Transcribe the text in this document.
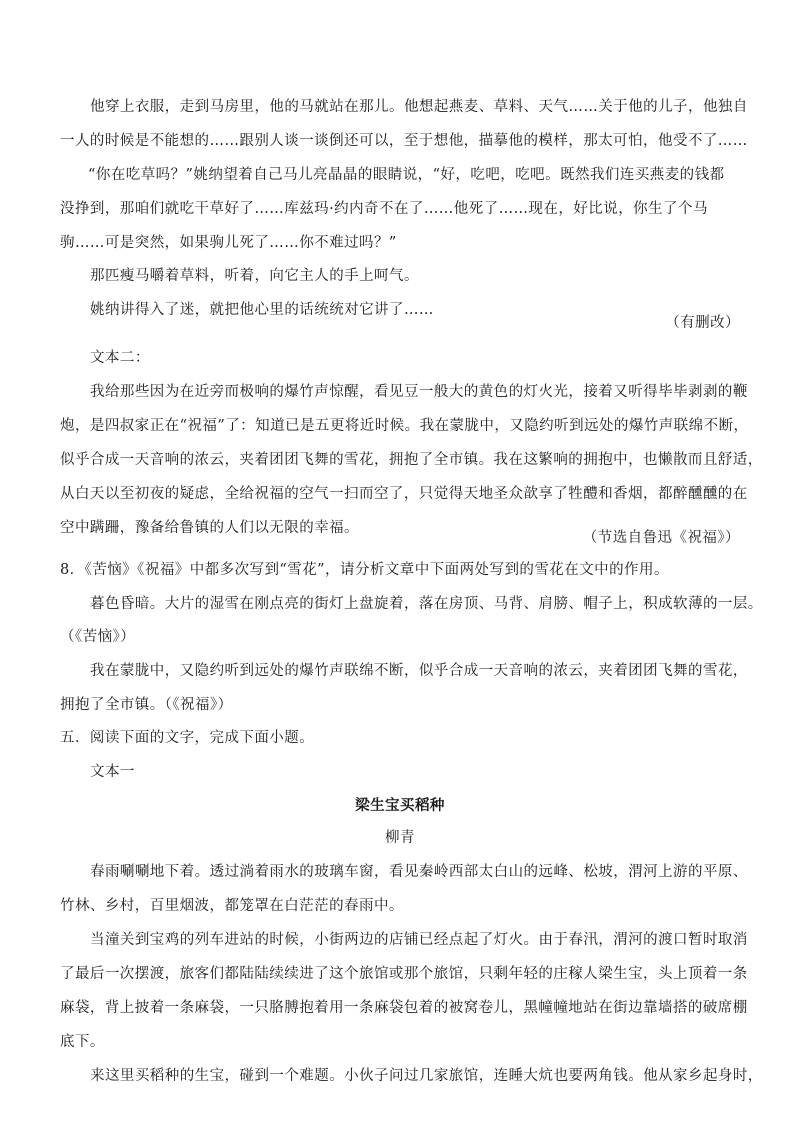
他穿上衣服，走到马房里，他的马就站在那儿。他想起燕麦、草料、天气……关于他的儿子，他独自
一人的时候是不能想的……跟别人谈一谈倒还可以，至于想他，描摹他的模样，那太可怕，他受不了……
“你在吃草吗？”姚纳望着自己马儿亮晶晶的眼睛说，“好，吃吧，吃吧。既然我们连买燕麦的钱都
没挣到，那咱们就吃干草好了……库兹玛·约内奇不在了……他死了……现在，好比说，你生了个马
驹……可是突然，如果驹儿死了……你不难过吗？”
那匹瘦马嚼着草料，听着，向它主人的手上呵气。
姚纳讲得入了迷，就把他心里的话统统对它讲了……
（有删改）
文本二：
我给那些因为在近旁而极响的爆竹声惊醒，看见豆一般大的黄色的灯火光，接着又听得毕毕剥剥的鞭
炮，是四叔家正在“祝福”了：知道已是五更将近时候。我在蒙胧中，又隐约听到远处的爆竹声联绵不断，
似乎合成一天音响的浓云，夹着团团飞舞的雪花，拥抱了全市镇。我在这繁响的拥抱中，也懒散而且舒适，
从白天以至初夜的疑虑，全给祝福的空气一扫而空了，只觉得天地圣众歆享了牲醴和香烟，都醉醺醺的在
空中蹒跚，豫备给鲁镇的人们以无限的幸福。
（节选自鲁迅《祝福》）
8．《苦恼》《祝福》中都多次写到“雪花”，请分析文章中下面两处写到的雪花在文中的作用。
暮色昏暗。大片的湿雪在刚点亮的街灯上盘旋着，落在房顶、马背、肩膀、帽子上，积成软薄的一层。
（《苦恼》）
我在蒙胧中，又隐约听到远处的爆竹声联绵不断，似乎合成一天音响的浓云，夹着团团飞舞的雪花，
拥抱了全市镇。（《祝福》）
五．阅读下面的文字，完成下面小题。
文本一
梁生宝买稻种
柳青
春雨唰唰地下着。透过淌着雨水的玻璃车窗，看见秦岭西部太白山的远峰、松坡，渭河上游的平原、
竹林、乡村，百里烟波，都笼罩在白茫茫的春雨中。
当潼关到宝鸡的列车进站的时候，小街两边的店铺已经点起了灯火。由于春汛，渭河的渡口暂时取消
了最后一次摆渡，旅客们都陆陆续续进了这个旅馆或那个旅馆，只剩年轻的庄稼人梁生宝，头上顶着一条
麻袋，背上披着一条麻袋，一只胳膊抱着用一条麻袋包着的被窝卷儿，黑幢幢地站在街边靠墙搭的破席棚
底下。
来这里买稻种的生宝，碰到一个难题。小伙子问过几家旅馆，连睡大炕也要两角钱。他从家乡起身时，
